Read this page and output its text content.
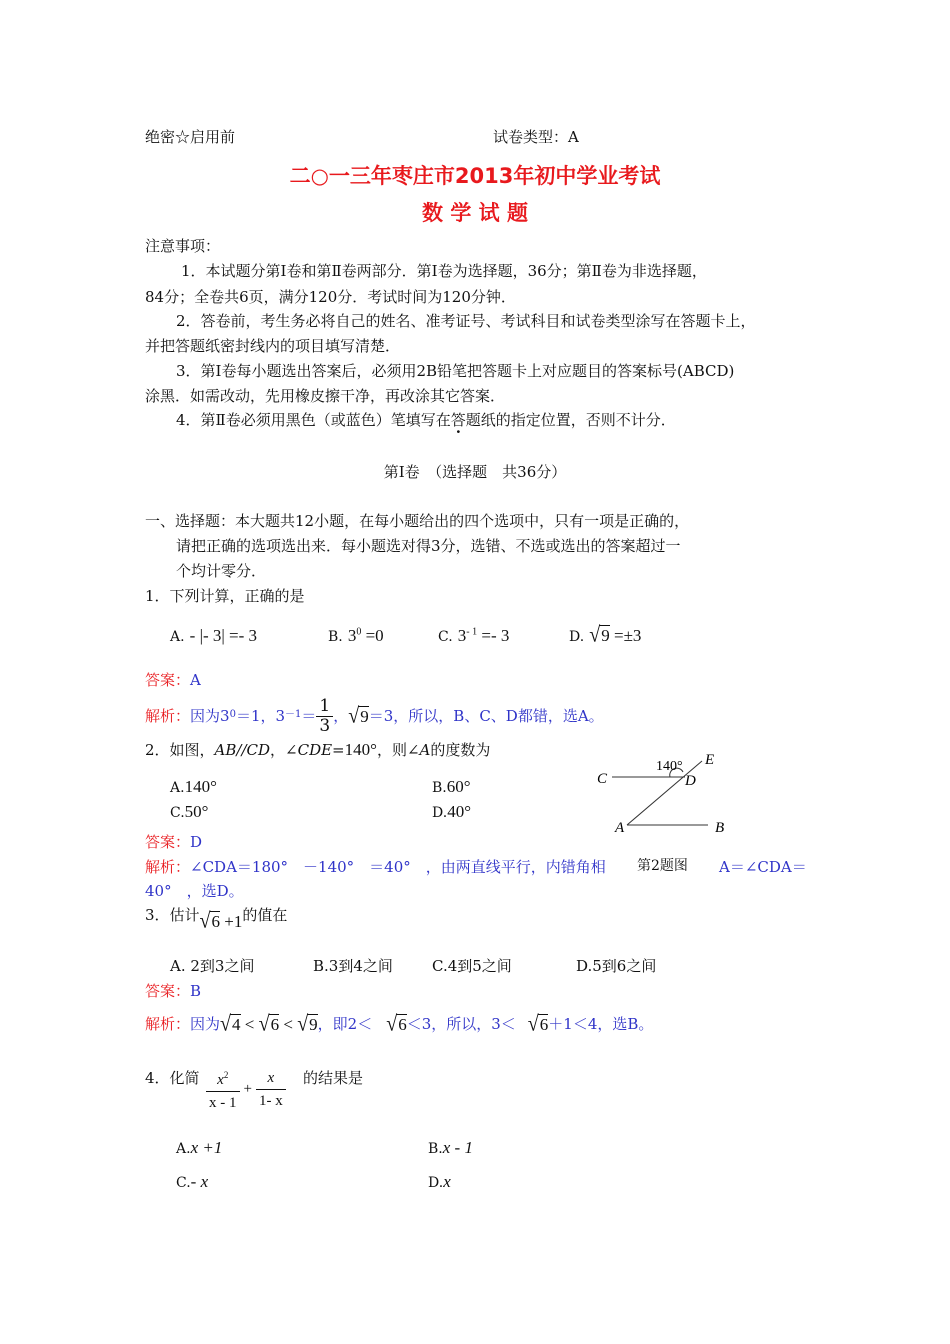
绝密☆启用前	试卷类型：A
二○一三年枣庄市2013年初中学业考试
数 学 试 题
注意事项：
1．本试题分第Ⅰ卷和第Ⅱ卷两部分．第Ⅰ卷为选择题，36分；第Ⅱ卷为非选择题，
84分；全卷共6页，满分120分．考试时间为120分钟．
2．答卷前，考生务必将自己的姓名、准考证号、考试科目和试卷类型涂写在答题卡上，
并把答题纸密封线内的项目填写清楚．
3．第Ⅰ卷每小题选出答案后，必须用2B铅笔把答题卡上对应题目的答案标号(ABCD)
涂黑．如需改动，先用橡皮擦干净，再改涂其它答案．
4．第Ⅱ卷必须用黑色（或蓝色）笔填写在答题纸的指定位置，否则不计分．
第Ⅰ卷　（选择题　共36分）
一、选择题：本大题共12小题，在每小题给出的四个选项中，只有一项是正确的，
请把正确的选项选出来．每小题选对得3分，选错、不选或选出的答案超过一
个均计零分．
1．下列计算，正确的是
A. - |- 3| =- 3	B. $3^0 =0$	C. $3^{- 1} =- 3$	D. √9 =±3
答案：A
解析： 因为3 0 ＝1，$3 -1 = \frac{1}{3}$ ， √9 ＝3，所以，B、C、D都错，选A。
2．如图，AB//CD，∠CDE=140°，则∠A的度数为
A.140°	B.60°
C.50°	D.40°
140°
C	D
E
A	B
答案：D
解析：∠CDA＝180°　－140°　＝40°　，由两直线平行，内错角相	第2题图	A＝∠CDA＝
40°　，选D。
3．估计 √6 +1 的值在
A. 2到3之间	B.3到4之间	C.4到5之间	D.5到6之间
答案：B
解析： 因为 √4 < √6 < √9 ，即2＜ √6 ＜3，所以，3＜ √6 ＋1＜4，选B。
4．化简 $\frac{x^2}{x - 1} + \frac{x}{1- x}$ 的结果是
A.x +1	B.x - 1
C.- x	D.x
